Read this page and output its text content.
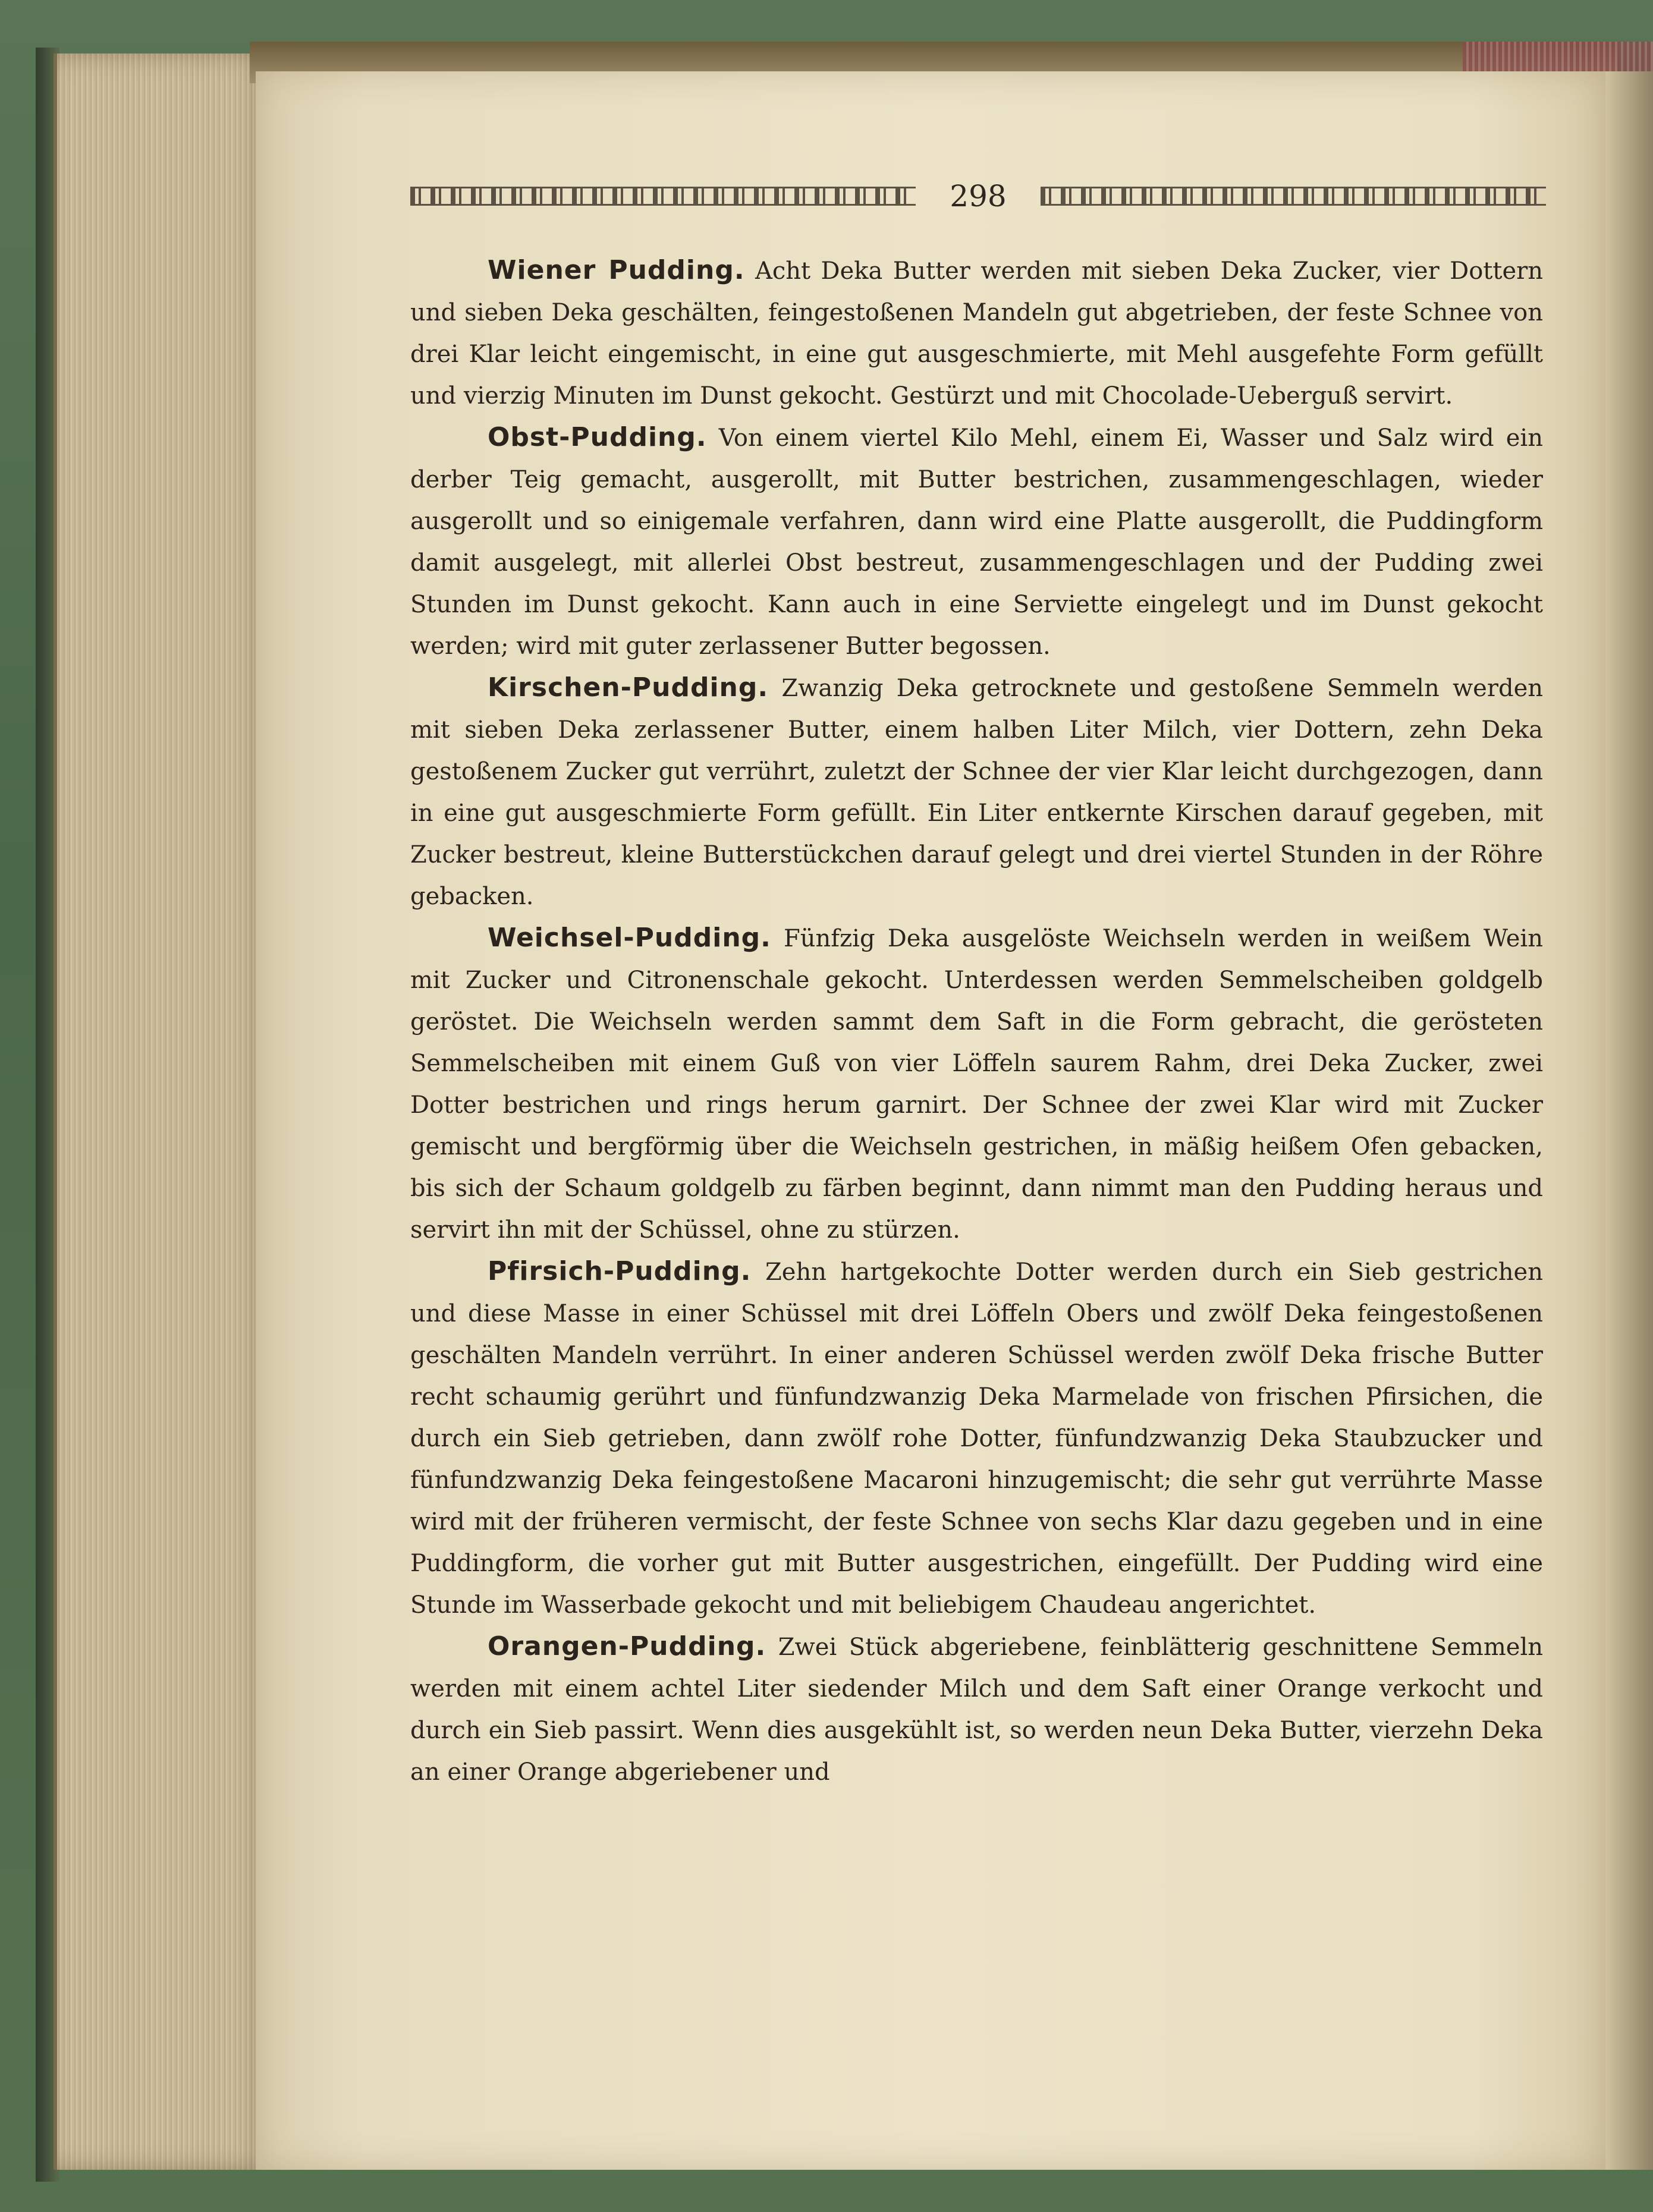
298

Wiener Pudding. Acht Deka Butter werden mit sieben Deka Zucker, vier Dottern und sieben Deka geschälten, feingestoßenen Mandeln gut abgetrieben, der feste Schnee von drei Klar leicht eingemischt, in eine gut ausgeschmierte, mit Mehl ausgefehte Form gefüllt und vierzig Minuten im Dunst gekocht. Gestürzt und mit Chocolade-Ueberguß servirt.

Obst-Pudding. Von einem viertel Kilo Mehl, einem Ei, Wasser und Salz wird ein derber Teig gemacht, ausgerollt, mit Butter bestrichen, zusammengeschlagen, wieder ausgerollt und so einigemale verfahren, dann wird eine Platte ausgerollt, die Puddingform damit ausgelegt, mit allerlei Obst bestreut, zusammengeschlagen und der Pudding zwei Stunden im Dunst gekocht. Kann auch in eine Serviette eingelegt und im Dunst gekocht werden; wird mit guter zerlassener Butter begossen.

Kirschen-Pudding. Zwanzig Deka getrocknete und gestoßene Semmeln werden mit sieben Deka zerlassener Butter, einem halben Liter Milch, vier Dottern, zehn Deka gestoßenem Zucker gut verrührt, zuletzt der Schnee der vier Klar leicht durchgezogen, dann in eine gut ausgeschmierte Form gefüllt. Ein Liter entkernte Kirschen darauf gegeben, mit Zucker bestreut, kleine Butterstückchen darauf gelegt und drei viertel Stunden in der Röhre gebacken.

Weichsel-Pudding. Fünfzig Deka ausgelöste Weichseln werden in weißem Wein mit Zucker und Citronenschale gekocht. Unterdessen werden Semmelscheiben goldgelb geröstet. Die Weichseln werden sammt dem Saft in die Form gebracht, die gerösteten Semmelscheiben mit einem Guß von vier Löffeln saurem Rahm, drei Deka Zucker, zwei Dotter bestrichen und rings herum garnirt. Der Schnee der zwei Klar wird mit Zucker gemischt und bergförmig über die Weichseln gestrichen, in mäßig heißem Ofen gebacken, bis sich der Schaum goldgelb zu färben beginnt, dann nimmt man den Pudding heraus und servirt ihn mit der Schüssel, ohne zu stürzen.

Pfirsich-Pudding. Zehn hartgekochte Dotter werden durch ein Sieb gestrichen und diese Masse in einer Schüssel mit drei Löffeln Obers und zwölf Deka feingestoßenen geschälten Mandeln verrührt. In einer anderen Schüssel werden zwölf Deka frische Butter recht schaumig gerührt und fünfundzwanzig Deka Marmelade von frischen Pfirsichen, die durch ein Sieb getrieben, dann zwölf rohe Dotter, fünfundzwanzig Deka Staubzucker und fünfundzwanzig Deka feingestoßene Macaroni hinzugemischt; die sehr gut verrührte Masse wird mit der früheren vermischt, der feste Schnee von sechs Klar dazu gegeben und in eine Puddingform, die vorher gut mit Butter ausgestrichen, eingefüllt. Der Pudding wird eine Stunde im Wasserbade gekocht und mit beliebigem Chaudeau angerichtet.

Orangen-Pudding. Zwei Stück abgeriebene, feinblätterig geschnittene Semmeln werden mit einem achtel Liter siedender Milch und dem Saft einer Orange verkocht und durch ein Sieb passirt. Wenn dies ausgekühlt ist, so werden neun Deka Butter, vierzehn Deka an einer Orange abgeriebener und
